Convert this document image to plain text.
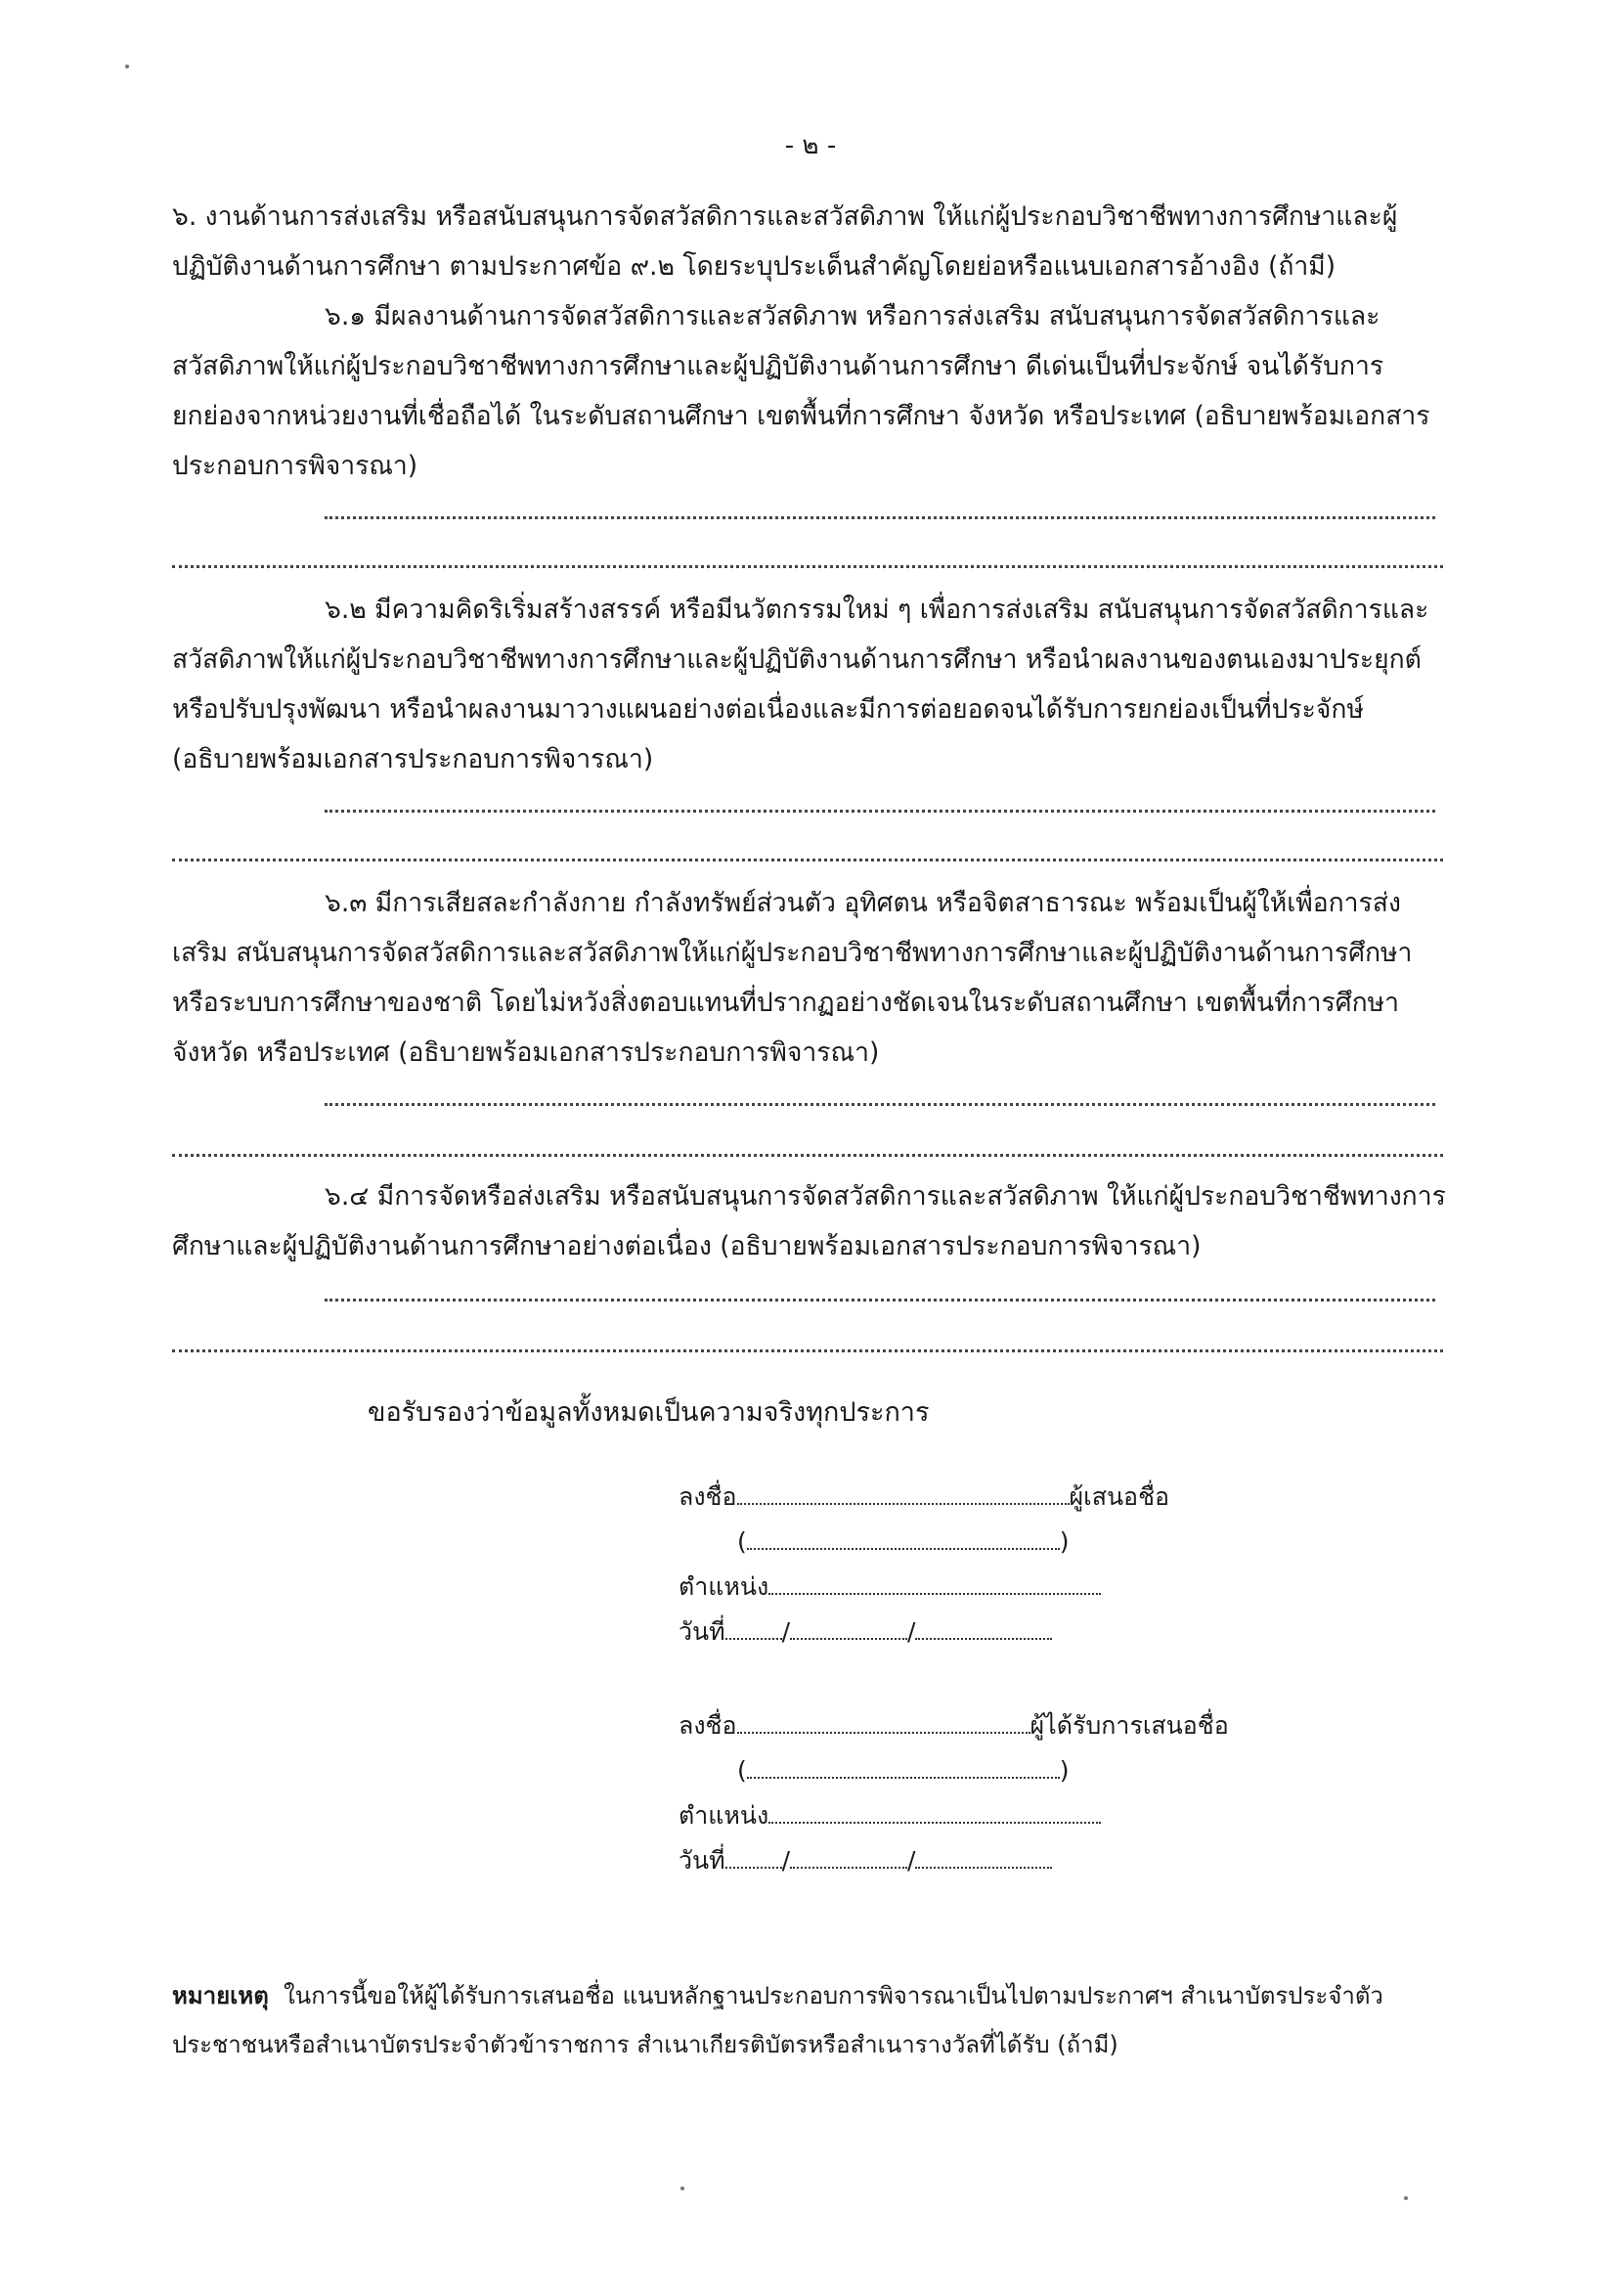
- ๒ -

๖. งานด้านการส่งเสริม หรือสนับสนุนการจัดสวัสดิการและสวัสดิภาพ ให้แก่ผู้ประกอบวิชาชีพทางการศึกษาและผู้ปฏิบัติงานด้านการศึกษา ตามประกาศข้อ ๙.๒ โดยระบุประเด็นสำคัญโดยย่อหรือแนบเอกสารอ้างอิง (ถ้ามี)

๖.๑ มีผลงานด้านการจัดสวัสดิการและสวัสดิภาพ หรือการส่งเสริม สนับสนุนการจัดสวัสดิการและสวัสดิภาพให้แก่ผู้ประกอบวิชาชีพทางการศึกษาและผู้ปฏิบัติงานด้านการศึกษา ดีเด่นเป็นที่ประจักษ์ จนได้รับการยกย่องจากหน่วยงานที่เชื่อถือได้ ในระดับสถานศึกษา เขตพื้นที่การศึกษา จังหวัด หรือประเทศ (อธิบายพร้อมเอกสารประกอบการพิจารณา)

๖.๒ มีความคิดริเริ่มสร้างสรรค์ หรือมีนวัตกรรมใหม่ ๆ เพื่อการส่งเสริม สนับสนุนการจัดสวัสดิการและสวัสดิภาพให้แก่ผู้ประกอบวิชาชีพทางการศึกษาและผู้ปฏิบัติงานด้านการศึกษา หรือนำผลงานของตนเองมาประยุกต์หรือปรับปรุงพัฒนา หรือนำผลงานมาวางแผนอย่างต่อเนื่องและมีการต่อยอดจนได้รับการยกย่องเป็นที่ประจักษ์ (อธิบายพร้อมเอกสารประกอบการพิจารณา)

๖.๓ มีการเสียสละกำลังกาย กำลังทรัพย์ส่วนตัว อุทิศตน หรือจิตสาธารณะ พร้อมเป็นผู้ให้เพื่อการส่งเสริม สนับสนุนการจัดสวัสดิการและสวัสดิภาพให้แก่ผู้ประกอบวิชาชีพทางการศึกษาและผู้ปฏิบัติงานด้านการศึกษา หรือระบบการศึกษาของชาติ โดยไม่หวังสิ่งตอบแทนที่ปรากฏอย่างชัดเจนในระดับสถานศึกษา เขตพื้นที่การศึกษา จังหวัด หรือประเทศ (อธิบายพร้อมเอกสารประกอบการพิจารณา)

๖.๔ มีการจัดหรือส่งเสริม หรือสนับสนุนการจัดสวัสดิการและสวัสดิภาพ ให้แก่ผู้ประกอบวิชาชีพทางการศึกษาและผู้ปฏิบัติงานด้านการศึกษาอย่างต่อเนื่อง (อธิบายพร้อมเอกสารประกอบการพิจารณา)

ขอรับรองว่าข้อมูลทั้งหมดเป็นความจริงทุกประการ
ลงชื่อ	ผู้เสนอชื่อ
(	)
ตำแหน่ง
วันที่ /	/
ลงชื่อ	ผู้ได้รับการเสนอชื่อ
(	)
ตำแหน่ง
วันที่ /	/
หมายเหตุ ในการนี้ขอให้ผู้ได้รับการเสนอชื่อ แนบหลักฐานประกอบการพิจารณาเป็นไปตามประกาศฯ สำเนาบัตรประจำตัวประชาชนหรือสำเนาบัตรประจำตัวข้าราชการ สำเนาเกียรติบัตรหรือสำเนารางวัลที่ได้รับ (ถ้ามี)
